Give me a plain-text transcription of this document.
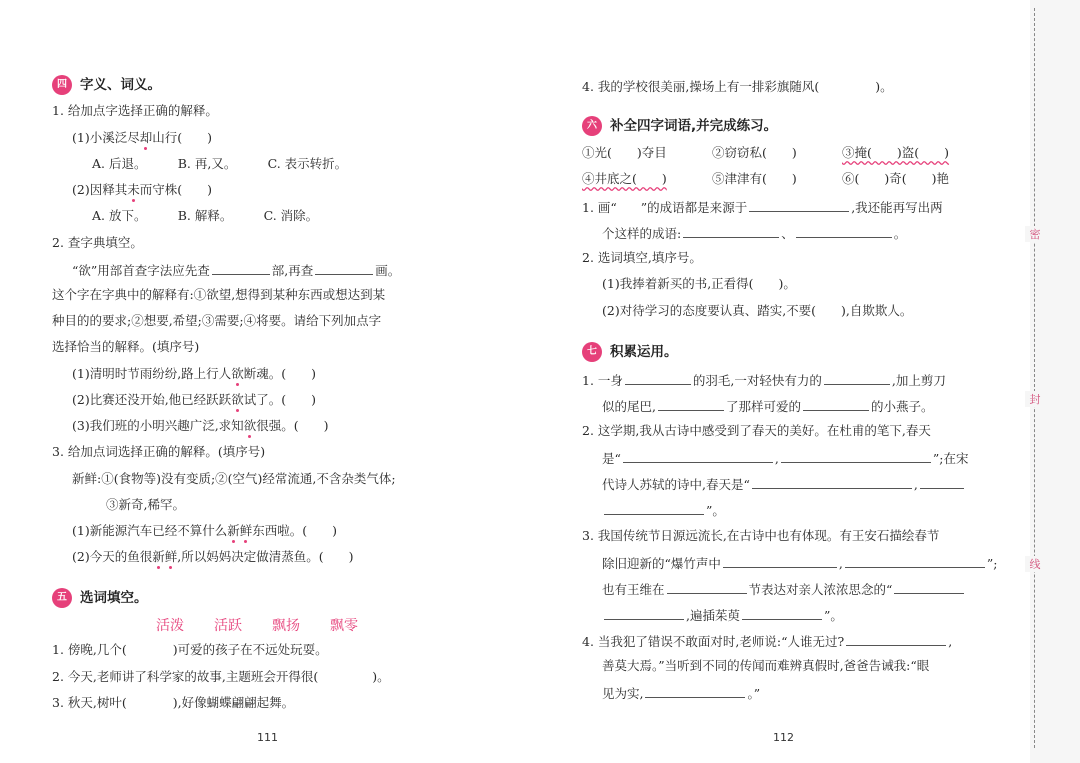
四 字义、词义。
1. 给加点字选择正确的解释。
(1)小溪泛尽却山行(　　)
A. 后退。　　　B. 再,又。　　　C. 表示转折。
(2)因释其未而守株(　　)
A. 放下。　　　B. 解释。　　　C. 消除。
2. 查字典填空。
“欲”用部首查字法应先查	部,再查	画。
这个字在字典中的解释有:①欲望,想得到某种东西或想达到某
种目的的要求;②想要,希望;③需要;④将要。请给下列加点字
选择恰当的解释。(填序号)
(1)清明时节雨纷纷,路上行人欲断魂。(　　)
(2)比赛还没开始,他已经跃跃欲试了。(　　)
(3)我们班的小明兴趣广泛,求知欲很强。(　　)
3. 给加点词选择正确的解释。(填序号)
新鲜:①(食物等)没有变质;②(空气)经常流通,不含杂类气体;
③新奇,稀罕。
(1)新能源汽车已经不算什么新鲜东西啦。(　　)
(2)今天的鱼很新鲜,所以妈妈决定做清蒸鱼。(　　)
五 选词填空。
活泼 活跃 飘扬 飘零
1. 傍晚,几个(	)可爱的孩子在不远处玩耍。
2. 今天,老师讲了科学家的故事,主题班会开得很(	)。
3. 秋天,树叶(	),好像蝴蝶翩翩起舞。
111
4. 我的学校很美丽,操场上有一排彩旗随风(	)。
六 补全四字词语,并完成练习。
①光(　　)夺目	②窃窃私(　　)	③掩(　　)盗(　　)
④井底之(　　)	⑤津津有(　　)	⑥(　　)奇(　　)艳
1. 画“ ”的成语都是来源于	,我还能再写出两
个这样的成语:	、	。
2. 选词填空,填序号。
(1)我捧着新买的书,正看得(　　)。
(2)对待学习的态度要认真、踏实,不要(　　),自欺欺人。
七 积累运用。
1. 一身	的羽毛,一对轻快有力的	,加上剪刀
似的尾巴,	了那样可爱的	的小燕子。
2. 这学期,我从古诗中感受到了春天的美好。在杜甫的笔下,春天
是“	,	”;在宋
代诗人苏轼的诗中,春天是“	,
”。
3. 我国传统节日源远流长,在古诗中也有体现。有王安石描绘春节
除旧迎新的“爆竹声中	,	”;
也有王维在	节表达对亲人浓浓思念的“
,遍插茱萸	”。
4. 当我犯了错误不敢面对时,老师说:“人谁无过?	,
善莫大焉。”当听到不同的传闻而难辨真假时,爸爸告诫我:“眼
见为实,	。”
112
密
封
线
